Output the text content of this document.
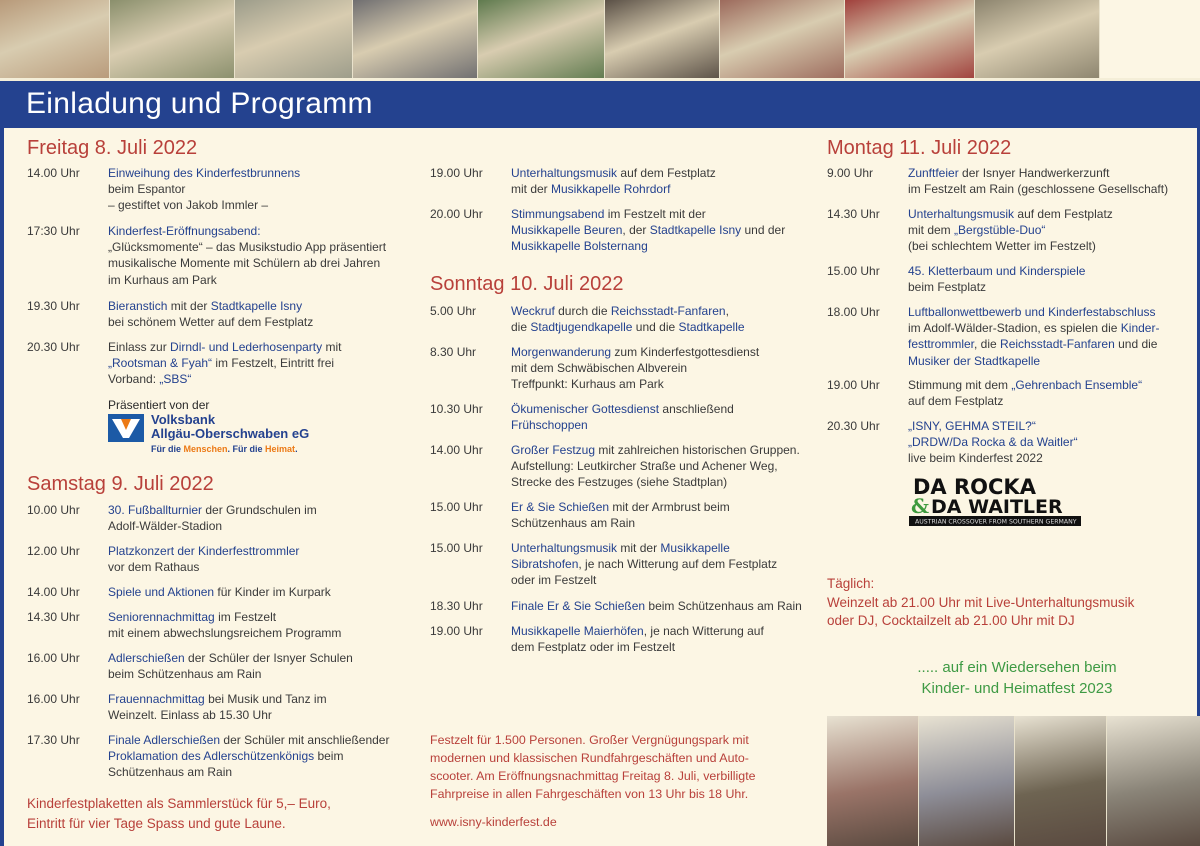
Einladung und Programm
Freitag 8. Juli 2022
14.00 Uhr	Einweihung des Kinderfestbrunnens
beim Espantor
– gestiftet von Jakob Immler –
17:30 Uhr	Kinderfest-Eröffnungsabend:
„Glücksmomente“ – das Musikstudio App präsentiert
musikalische Momente mit Schülern ab drei Jahren
im Kurhaus am Park
19.30 Uhr	Bieranstich mit der Stadtkapelle Isny
bei schönem Wetter auf dem Festplatz
20.30 Uhr	Einlass zur Dirndl- und Lederhosenparty mit
„Rootsman & Fyah“ im Festzelt, Eintritt frei
Vorband: „SBS“
Präsentiert von der
Volksbank
Allgäu-Oberschwaben eG
Für die Menschen. Für die Heimat.
Samstag 9. Juli 2022
10.00 Uhr	30. Fußballturnier der Grundschulen im
Adolf-Wälder-Stadion
12.00 Uhr	Platzkonzert der Kinderfesttrommler
vor dem Rathaus
14.00 Uhr	Spiele und Aktionen für Kinder im Kurpark
14.30 Uhr	Seniorennachmittag im Festzelt
mit einem abwechslungsreichem Programm
16.00 Uhr	Adlerschießen der Schüler der Isnyer Schulen
beim Schützenhaus am Rain
16.00 Uhr	Frauennachmittag bei Musik und Tanz im
Weinzelt. Einlass ab 15.30 Uhr
17.30 Uhr	Finale Adlerschießen der Schüler mit anschließender
Proklamation des Adlerschützenkönigs beim
Schützenhaus am Rain
Kinderfestplaketten als Sammlerstück für 5,– Euro,
Eintritt für vier Tage Spass und gute Laune.
19.00 Uhr	Unterhaltungsmusik auf dem Festplatz
mit der Musikkapelle Rohrdorf
20.00 Uhr	Stimmungsabend im Festzelt mit der
Musikkapelle Beuren, der Stadtkapelle Isny und der
Musikkapelle Bolsternang
Sonntag 10. Juli 2022
5.00 Uhr	Weckruf durch die Reichsstadt-Fanfaren,
die Stadtjugendkapelle und die Stadtkapelle
8.30 Uhr	Morgenwanderung zum Kinderfestgottesdienst
mit dem Schwäbischen Albverein
Treffpunkt: Kurhaus am Park
10.30 Uhr	Ökumenischer Gottesdienst anschließend
Frühschoppen
14.00 Uhr	Großer Festzug mit zahlreichen historischen Gruppen.
Aufstellung: Leutkircher Straße und Achener Weg,
Strecke des Festzuges (siehe Stadtplan)
15.00 Uhr	Er & Sie Schießen mit der Armbrust beim
Schützenhaus am Rain
15.00 Uhr	Unterhaltungsmusik mit der Musikkapelle
Sibratshofen, je nach Witterung auf dem Festplatz
oder im Festzelt
18.30 Uhr	Finale Er & Sie Schießen beim Schützenhaus am Rain
19.00 Uhr	Musikkapelle Maierhöfen, je nach Witterung auf
dem Festplatz oder im Festzelt
Festzelt für 1.500 Personen. Großer Vergnügungspark mit
modernen und klassischen Rundfahrgeschäften und Auto-
scooter. Am Eröffnungsnachmittag Freitag 8. Juli, verbilligte
Fahrpreise in allen Fahrgeschäften von 13 Uhr bis 18 Uhr.
www.isny-kinderfest.de
Montag 11. Juli 2022
9.00 Uhr	Zunftfeier der Isnyer Handwerkerzunft
im Festzelt am Rain (geschlossene Gesellschaft)
14.30 Uhr	Unterhaltungsmusik auf dem Festplatz
mit dem „Bergstüble-Duo“
(bei schlechtem Wetter im Festzelt)
15.00 Uhr	45. Kletterbaum und Kinderspiele
beim Festplatz
18.00 Uhr	Luftballonwettbewerb und Kinderfestabschluss
im Adolf-Wälder-Stadion, es spielen die Kinder-
festtrommler, die Reichsstadt-Fanfaren und die
Musiker der Stadtkapelle
19.00 Uhr	Stimmung mit dem „Gehrenbach Ensemble“
auf dem Festplatz
20.30 Uhr	„ISNY, GEHMA STEIL?“
„DRDW/Da Rocka & da Waitler“
live beim Kinderfest 2022
DA ROCKA
& DA WAITLER
AUSTRIAN CROSSOVER FROM SOUTHERN GERMANY
Täglich:
Weinzelt ab 21.00 Uhr mit Live-Unterhaltungsmusik
oder DJ, Cocktailzelt ab 21.00 Uhr mit DJ
..... auf ein Wiedersehen beim
Kinder- und Heimatfest 2023
